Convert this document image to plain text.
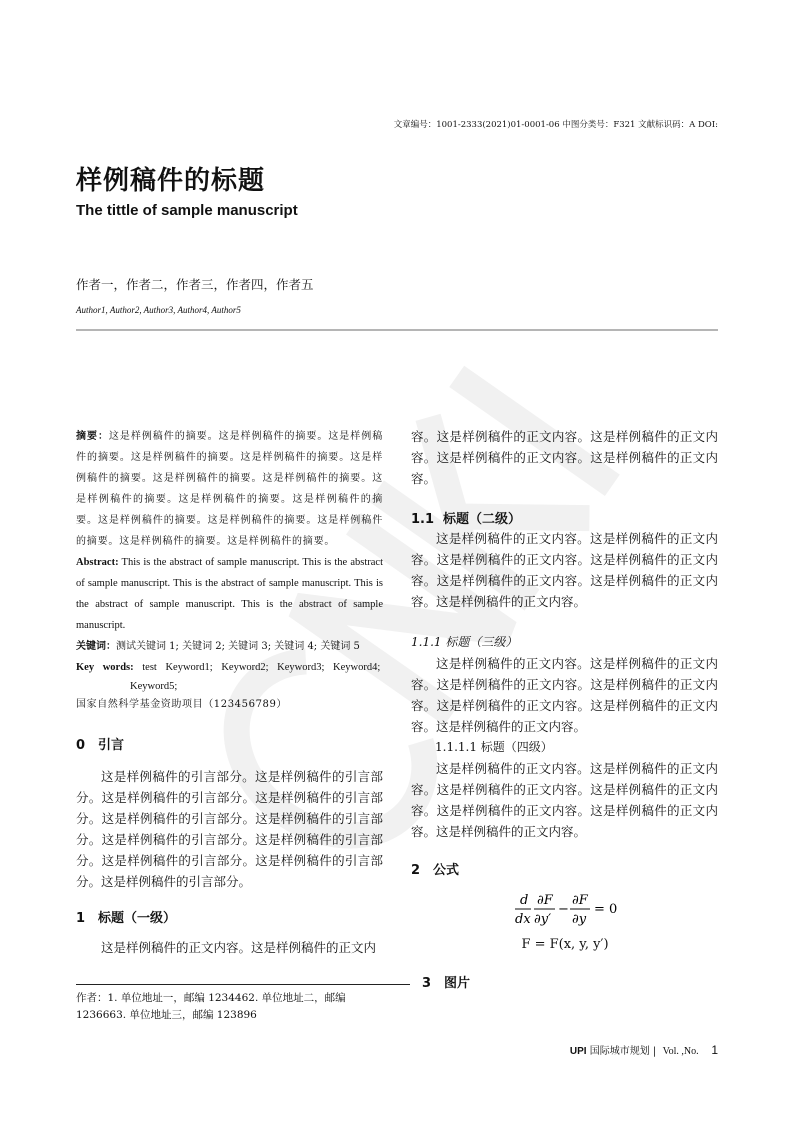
文章编号：1001-2333(2021)01-0001-06 中图分类号：F321 文献标识码：A DOI:
样例稿件的标题
The tittle of sample manuscript
作者一，作者二，作者三，作者四，作者五
Author1, Author2, Author3, Author4, Author5
摘要：这是样例稿件的摘要。这是样例稿件的摘要。这是样例稿件的摘要。这是样例稿件的摘要。这是样例稿件的摘要。这是样例稿件的摘要。这是样例稿件的摘要。这是样例稿件的摘要。这是样例稿件的摘要。这是样例稿件的摘要。这是样例稿件的摘要。这是样例稿件的摘要。这是样例稿件的摘要。这是样例稿件的摘要。这是样例稿件的摘要。这是样例稿件的摘要。
Abstract: This is the abstract of sample manuscript. This is the abstract of sample manuscript. This is the abstract of sample manuscript. This is the abstract of sample manuscript. This is the abstract of sample manuscript.
关键词：测试关键词 1; 关键词 2; 关键词 3; 关键词 4; 关键词 5
Key words: test Keyword1; Keyword2; Keyword3; Keyword4;
Keyword5;
国家自然科学基金资助项目（123456789）
0 引言
这是样例稿件的引言部分。这是样例稿件的引言部分。这是样例稿件的引言部分。这是样例稿件的引言部分。这是样例稿件的引言部分。这是样例稿件的引言部分。这是样例稿件的引言部分。这是样例稿件的引言部分。这是样例稿件的引言部分。这是样例稿件的引言部分。这是样例稿件的引言部分。
1 标题（一级）
这是样例稿件的正文内容。这是样例稿件的正文内
容。这是样例稿件的正文内容。这是样例稿件的正文内容。这是样例稿件的正文内容。这是样例稿件的正文内容。
1.1 标题（二级）
这是样例稿件的正文内容。这是样例稿件的正文内容。这是样例稿件的正文内容。这是样例稿件的正文内容。这是样例稿件的正文内容。这是样例稿件的正文内容。这是样例稿件的正文内容。
1.1.1 标题（三级）
这是样例稿件的正文内容。这是样例稿件的正文内容。这是样例稿件的正文内容。这是样例稿件的正文内容。这是样例稿件的正文内容。这是样例稿件的正文内容。这是样例稿件的正文内容。
1.1.1.1 标题（四级）
这是样例稿件的正文内容。这是样例稿件的正文内容。这是样例稿件的正文内容。这是样例稿件的正文内容。这是样例稿件的正文内容。这是样例稿件的正文内容。这是样例稿件的正文内容。
2 公式
d
dx
∂F
∂y′
−
∂F
∂y
= 0
F = F(x, y, y′)
3 图片
作者：1. 单位地址一，邮编 1234462. 单位地址二，邮编 1236663. 单位地址三，邮编 123896
UPI 国际城市规划 | Vol. ,No. 1
